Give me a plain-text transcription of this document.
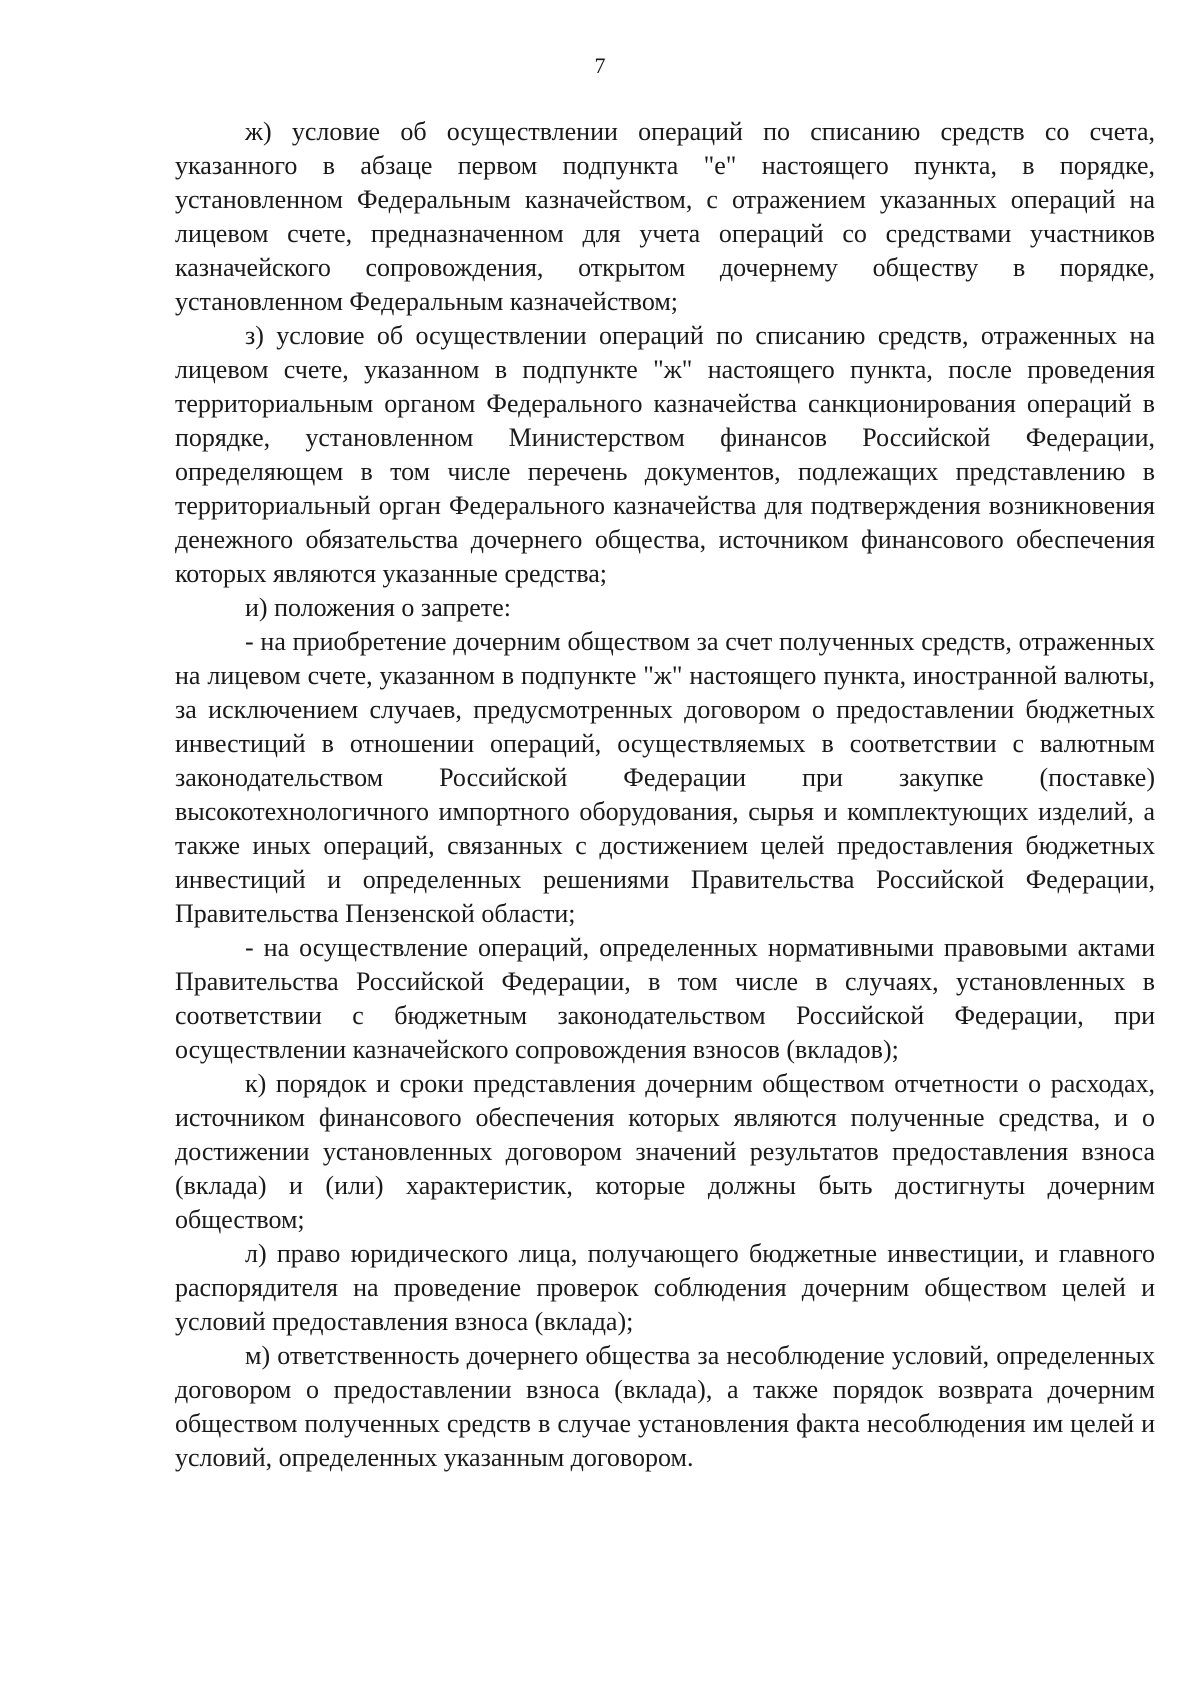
7

ж) условие об осуществлении операций по списанию средств со счета, указанного в абзаце первом подпункта "е" настоящего пункта, в порядке, установленном Федеральным казначейством, с отражением указанных операций на лицевом счете, предназначенном для учета операций со средствами участников казначейского сопровождения, открытом дочернему обществу в порядке, установленном Федеральным казначейством;

з) условие об осуществлении операций по списанию средств, отраженных на лицевом счете, указанном в подпункте "ж" настоящего пункта, после проведения территориальным органом Федерального казначейства санкционирования операций в порядке, установленном Министерством финансов Российской Федерации, определяющем в том числе перечень документов, подлежащих представлению в территориальный орган Федерального казначейства для подтверждения возникновения денежного обязательства дочернего общества, источником финансового обеспечения которых являются указанные средства;

и) положения о запрете:

- на приобретение дочерним обществом за счет полученных средств, отраженных на лицевом счете, указанном в подпункте "ж" настоящего пункта, иностранной валюты, за исключением случаев, предусмотренных договором о предоставлении бюджетных инвестиций в отношении операций, осуществляемых в соответствии с валютным законодательством Российской Федерации при закупке (поставке) высокотехнологичного импортного оборудования, сырья и комплектующих изделий, а также иных операций, связанных с достижением целей предоставления бюджетных инвестиций и определенных решениями Правительства Российской Федерации, Правительства Пензенской области;

- на осуществление операций, определенных нормативными правовыми актами Правительства Российской Федерации, в том числе в случаях, установленных в соответствии с бюджетным законодательством Российской Федерации, при осуществлении казначейского сопровождения взносов (вкладов);

к) порядок и сроки представления дочерним обществом отчетности о расходах, источником финансового обеспечения которых являются полученные средства, и о достижении установленных договором значений результатов предоставления взноса (вклада) и (или) характеристик, которые должны быть достигнуты дочерним обществом;

л) право юридического лица, получающего бюджетные инвестиции, и главного распорядителя на проведение проверок соблюдения дочерним обществом целей и условий предоставления взноса (вклада);

м) ответственность дочернего общества за несоблюдение условий, определенных договором о предоставлении взноса (вклада), а также порядок возврата дочерним обществом полученных средств в случае установления факта несоблюдения им целей и условий, определенных указанным договором.
